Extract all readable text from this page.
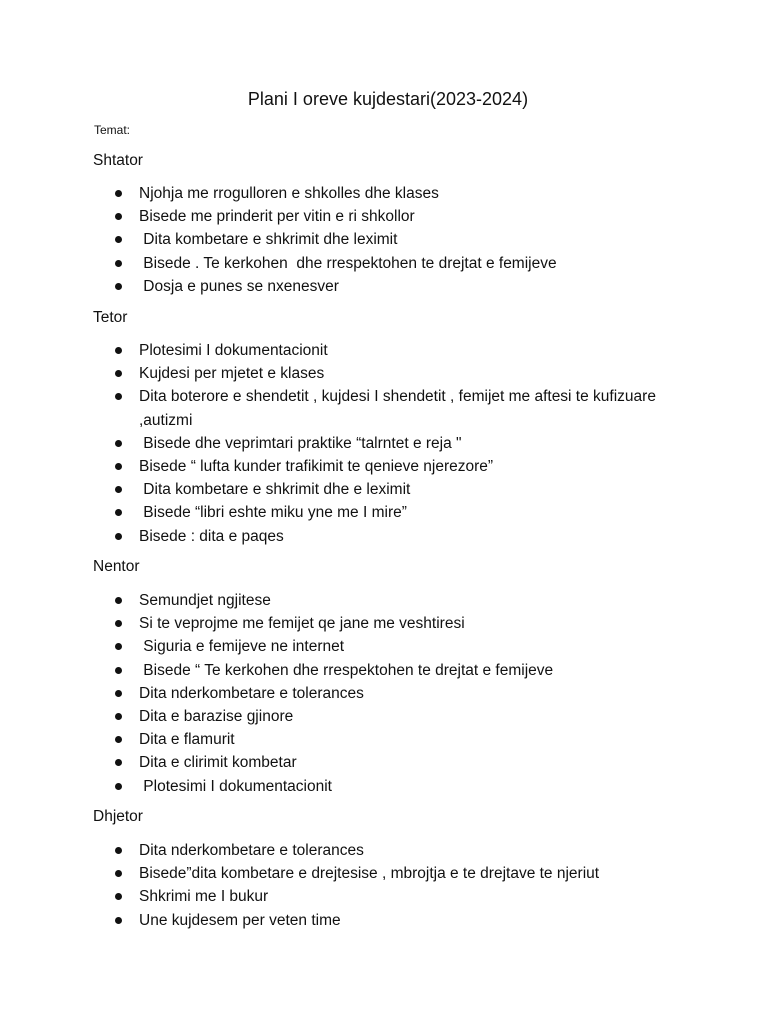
Plani I oreve kujdestari(2023-2024)

Temat:

Shtator
Njohja me rrogulloren e shkolles dhe klases
Bisede me prinderit per vitin e ri shkollor
Dita kombetare e shkrimit dhe leximit
Bisede . Te kerkohen  dhe rrespektohen te drejtat e femijeve
Dosja e punes se nxenesver
Tetor
Plotesimi I dokumentacionit
Kujdesi per mjetet e klases
Dita boterore e shendetit , kujdesi I shendetit , femijet me aftesi te kufizuare ,autizmi
Bisede dhe veprimtari praktike “talrntet e reja "
Bisede “ lufta kunder trafikimit te qenieve njerezore”
Dita kombetare e shkrimit dhe e leximit
Bisede “libri eshte miku yne me I mire”
Bisede : dita e paqes
Nentor
Semundjet ngjitese
Si te veprojme me femijet qe jane me veshtiresi
Siguria e femijeve ne internet
Bisede “ Te kerkohen dhe rrespektohen te drejtat e femijeve
Dita nderkombetare e tolerances
Dita e barazise gjinore
Dita e flamurit
Dita e clirimit kombetar
Plotesimi I dokumentacionit
Dhjetor
Dita nderkombetare e tolerances
Bisede”dita kombetare e drejtesise , mbrojtja e te drejtave te njeriut
Shkrimi me I bukur
Une kujdesem per veten time
